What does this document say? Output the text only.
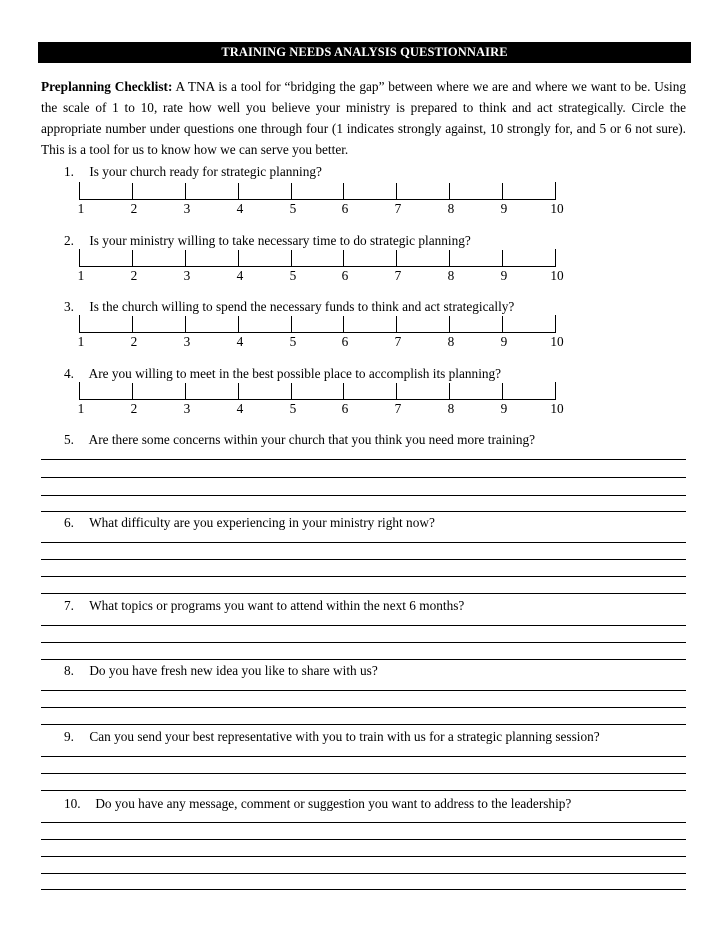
TRAINING NEEDS ANALYSIS QUESTIONNAIRE
Preplanning Checklist: A TNA is a tool for “bridging the gap” between where we are and where we want to be. Using the scale of 1 to 10, rate how well you believe your ministry is prepared to think and act strategically. Circle the appropriate number under questions one through four (1 indicates strongly against, 10 strongly for, and 5 or 6 not sure). This is a tool for us to know how we can serve you better.
1. Is your church ready for strategic planning?
1	2	3	4	5	6	7	8	9	10
2. Is your ministry willing to take necessary time to do strategic planning?
1	2	3	4	5	6	7	8	9	10
3. Is the church willing to spend the necessary funds to think and act strategically?
1	2	3	4	5	6	7	8	9	10
4. Are you willing to meet in the best possible place to accomplish its planning?
1	2	3	4	5	6	7	8	9	10
5. Are there some concerns within your church that you think you need more training?
6. What difficulty are you experiencing in your ministry right now?
7. What topics or programs you want to attend within the next 6 months?
8. Do you have fresh new idea you like to share with us?
9. Can you send your best representative with you to train with us for a strategic planning session?
10. Do you have any message, comment or suggestion you want to address to the leadership?
